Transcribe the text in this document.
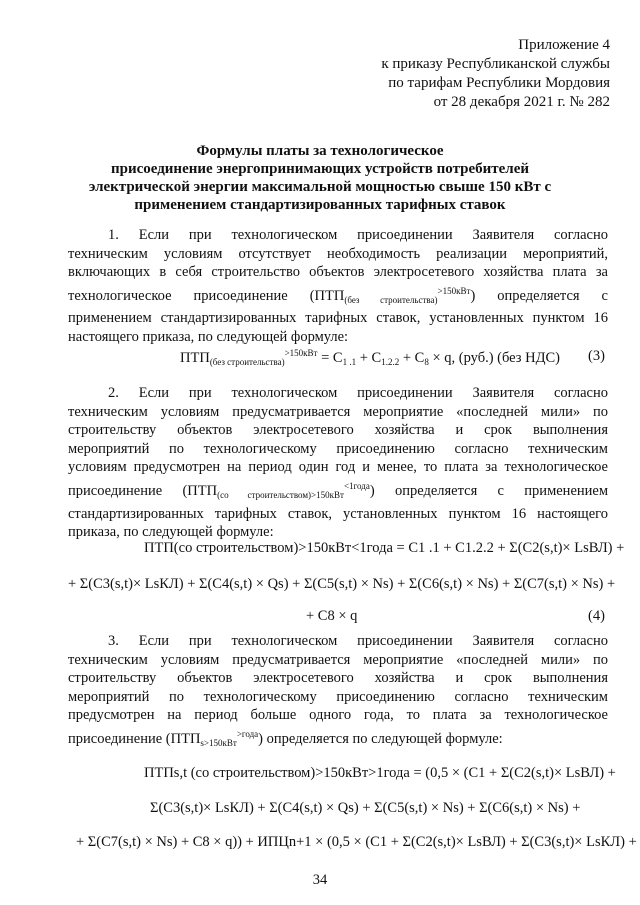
Приложение 4
к приказу Республиканской службы
по тарифам Республики Мордовия
от 28 декабря 2021 г. № 282
Формулы платы за технологическое
присоединение энергопринимающих устройств потребителей
электрической энергии максимальной мощностью свыше 150 кВт с
применением стандартизированных тарифных ставок
1. Если при технологическом присоединении Заявителя согласно
техническим условиям отсутствует необходимость реализации мероприятий,
включающих в себя строительство объектов электросетевого хозяйства плата за
технологическое присоединение $(ПТП_{(без строительства)}^{>150кВт})$ определяется с
применением стандартизированных тарифных ставок, установленных пунктом 16
настоящего приказа, по следующей формуле:
$ПТП_{(без строительства)}^{>150кВт} = С_{1 .1} + С_{1.2.2} + С_8 \times q$, (руб.) (без НДС) (3)
2. Если при технологическом присоединении Заявителя согласно
техническим условиям предусматривается мероприятие «последней мили» по
строительству объектов электросетевого хозяйства и срок выполнения
мероприятий по технологическому присоединению согласно техническим
условиям предусмотрен на период один год и менее, то плата за технологическое
присоединение $(ПТП_{(со строительством)>150кВт}^{<1года})$ определяется с применением
стандартизированных тарифных ставок, установленных пунктом 16 настоящего
приказа, по следующей формуле:
ПТП(со строительством)>150кВт<1года = С1 .1 + С1.2.2 + Σ(С2(s,t)× LsВЛ) +
+ Σ(С3(s,t)× LsКЛ) + Σ(С4(s,t) × Qs) + Σ(С5(s,t) × Ns) + Σ(С6(s,t) × Ns) + Σ(С7(s,t) × Ns) +
+ С8 × q	(4)
3. Если при технологическом присоединении Заявителя согласно
техническим условиям предусматривается мероприятие «последней мили» по
строительству объектов электросетевого хозяйства и срок выполнения
мероприятий по технологическому присоединению согласно техническим
предусмотрен на период больше одного года, то плата за технологическое
присоединение $(ПТП_{s>150кВт}^{>года})$ определяется по следующей формуле:
ПТПs,t (со строительством)>150кВт>1года = (0,5 × (С1 + Σ(С2(s,t)× LsВЛ) +
Σ(С3(s,t)× LsКЛ) + Σ(С4(s,t) × Qs) + Σ(С5(s,t) × Ns) + Σ(С6(s,t) × Ns) +
+ Σ(С7(s,t) × Ns) + С8 × q)) + ИПЦn+1 × (0,5 × (С1 + Σ(С2(s,t)× LsВЛ) + Σ(С3(s,t)× LsКЛ) +
34
